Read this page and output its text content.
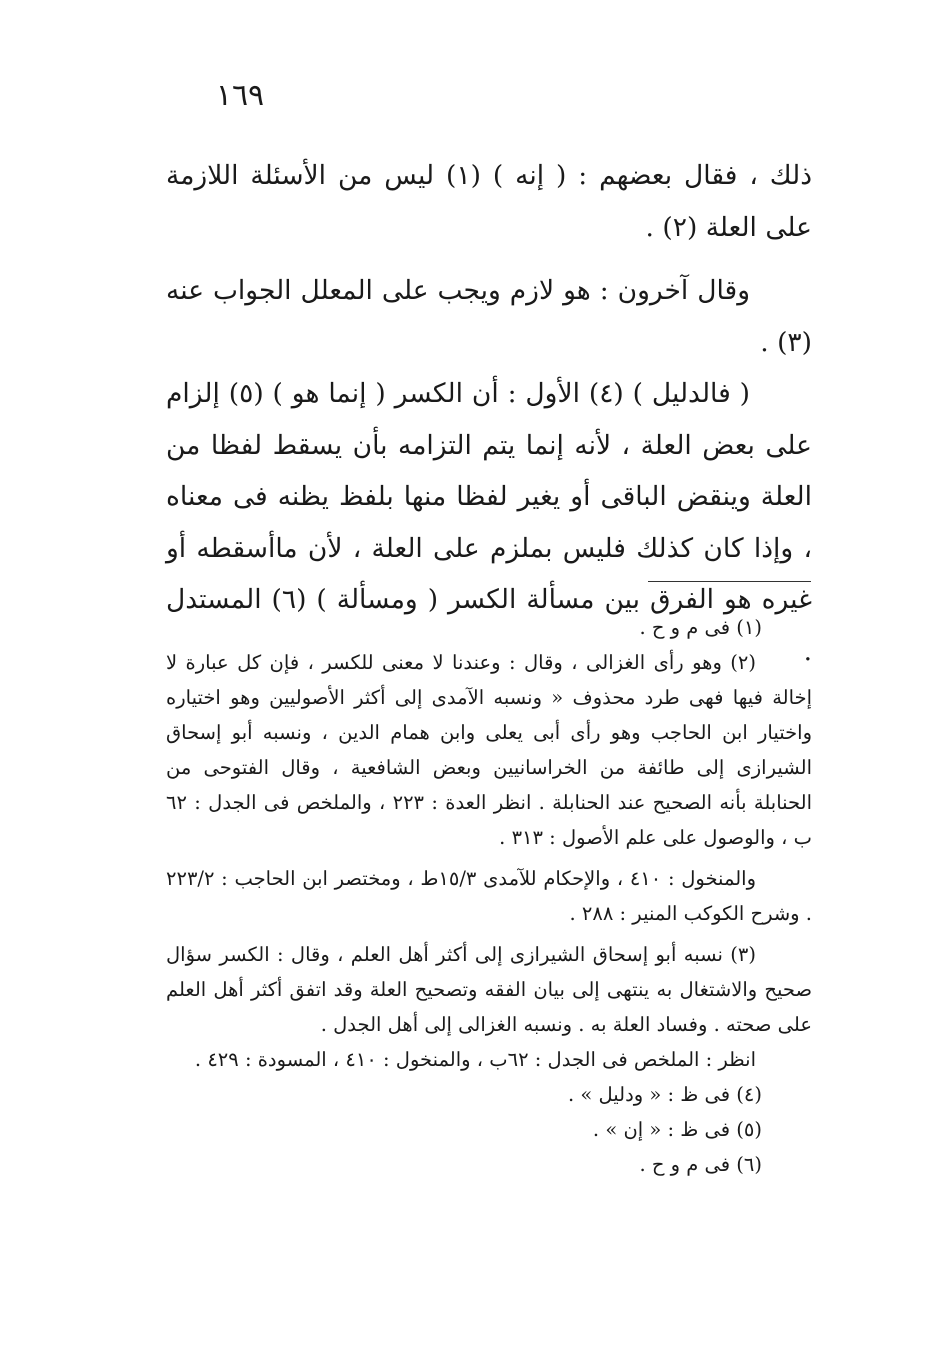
١٦٩

ذلك ، فقال بعضهم : ( إنه ) (١) ليس من الأسئلة اللازمة على العلة (٢) .

وقال آخرون : هو لازم ويجب على المعلل الجواب عنه (٣) .

( فالدليل ) (٤) الأول : أن الكسر ( إنما هو ) (٥) إلزام على بعض العلة ، لأنه إنما يتم التزامه بأن يسقط لفظا من العلة وينقض الباقى أو يغير لفظا منها بلفظ يظنه فى معناه ، وإذا كان كذلك فليس بملزم على العلة ، لأن ماأسقطه أو غيره هو الفرق بين مسألة الكسر ( ومسألة ) (٦) المستدل .

(١) فى م و ح .

(٢) وهو رأى الغزالى ، وقال : وعندنا لا معنى للكسر ، فإن كل عبارة لا إخالة فيها فهى طرد محذوف « ونسبه الآمدى إلى أكثر الأصوليين وهو اختياره واختيار ابن الحاجب وهو رأى أبى يعلى وابن همام الدين ، ونسبه أبو إسحاق الشيرازى إلى طائفة من الخراسانيين وبعض الشافعية ، وقال الفتوحى من الحنابلة بأنه الصحيح عند الحنابلة . انظر العدة : ٢٢٣ ، والملخص فى الجدل : ٦٢ ب ، والوصول على علم الأصول : ٣١٣ .

والمنخول : ٤١٠ ، والإحكام للآمدى ١٥/٣ط ، ومختصر ابن الحاجب : ٢٢٣/٢ . وشرح الكوكب المنير : ٢٨٨ .

(٣) نسبه أبو إسحاق الشيرازى إلى أكثر أهل العلم ، وقال : الكسر سؤال صحيح والاشتغال به ينتهى إلى بيان الفقه وتصحيح العلة وقد اتفق أكثر أهل العلم على صحته . وفساد العلة به . ونسبه الغزالى إلى أهل الجدل .

انظر : الملخص فى الجدل : ٦٢ب ، والمنخول : ٤١٠ ، المسودة : ٤٢٩ .

(٤) فى ظ : « ودليل » .

(٥) فى ظ : « إن » .

(٦) فى م و ح .
